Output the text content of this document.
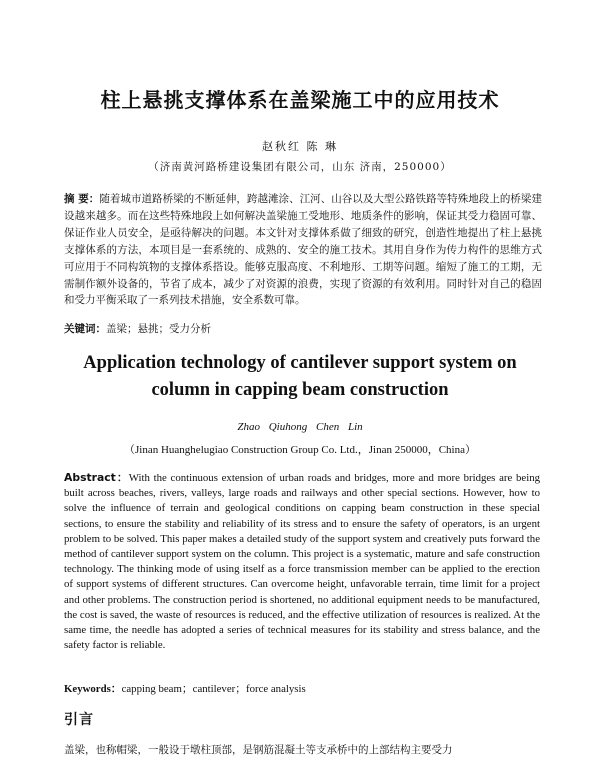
柱上悬挑支撑体系在盖梁施工中的应用技术
赵秋红 陈 琳
（济南黄河路桥建设集团有限公司，山东 济南，250000）

摘 要：随着城市道路桥梁的不断延伸，跨越滩涂、江河、山谷以及大型公路铁路等特殊地段上的桥梁建设越来越多。而在这些特殊地段上如何解决盖梁施工受地形、地质条件的影响，保证其受力稳固可靠、保证作业人员安全，是亟待解决的问题。本文针对支撑体系做了细致的研究，创造性地提出了柱上悬挑支撑体系的方法，本项目是一套系统的、成熟的、安全的施工技术。其用自身作为传力构件的思维方式可应用于不同构筑物的支撑体系搭设。能够克服高度、不利地形、工期等问题。缩短了施工的工期，无需制作额外设备的，节省了成本，减少了对资源的浪费，实现了资源的有效利用。同时针对自己的稳固和受力平衡采取了一系列技术措施，安全系数可靠。

关键词：盖梁；悬挑；受力分析

Application technology of cantilever support system on
column in capping beam construction
Zhao Qiuhong Chen Lin
（Jinan Huanghelugiao Construction Group Co. Ltd.，Jinan 250000，China）

Abstract：With the continuous extension of urban roads and bridges, more and more bridges are being built across beaches, rivers, valleys, large roads and railways and other special sections. However, how to solve the influence of terrain and geological conditions on capping beam construction in these special sections, to ensure the stability and reliability of its stress and to ensure the safety of operators, is an urgent problem to be solved. This paper makes a detailed study of the support system and creatively puts forward the method of cantilever support system on the column. This project is a systematic, mature and safe construction technology. The thinking mode of using itself as a force transmission member can be applied to the erection of support systems of different structures. Can overcome height, unfavorable terrain, time limit for a project and other problems. The construction period is shortened, no additional equipment needs to be manufactured, the cost is saved, the waste of resources is reduced, and the effective utilization of resources is realized. At the same time, the needle has adopted a series of technical measures for its stability and stress balance, and the safety factor is reliable.

Keywords：capping beam；cantilever；force analysis

引言

盖梁，也称帽梁，一般设于墩柱顶部，是钢筋混凝土等支承桥中的上部结构主要受力
